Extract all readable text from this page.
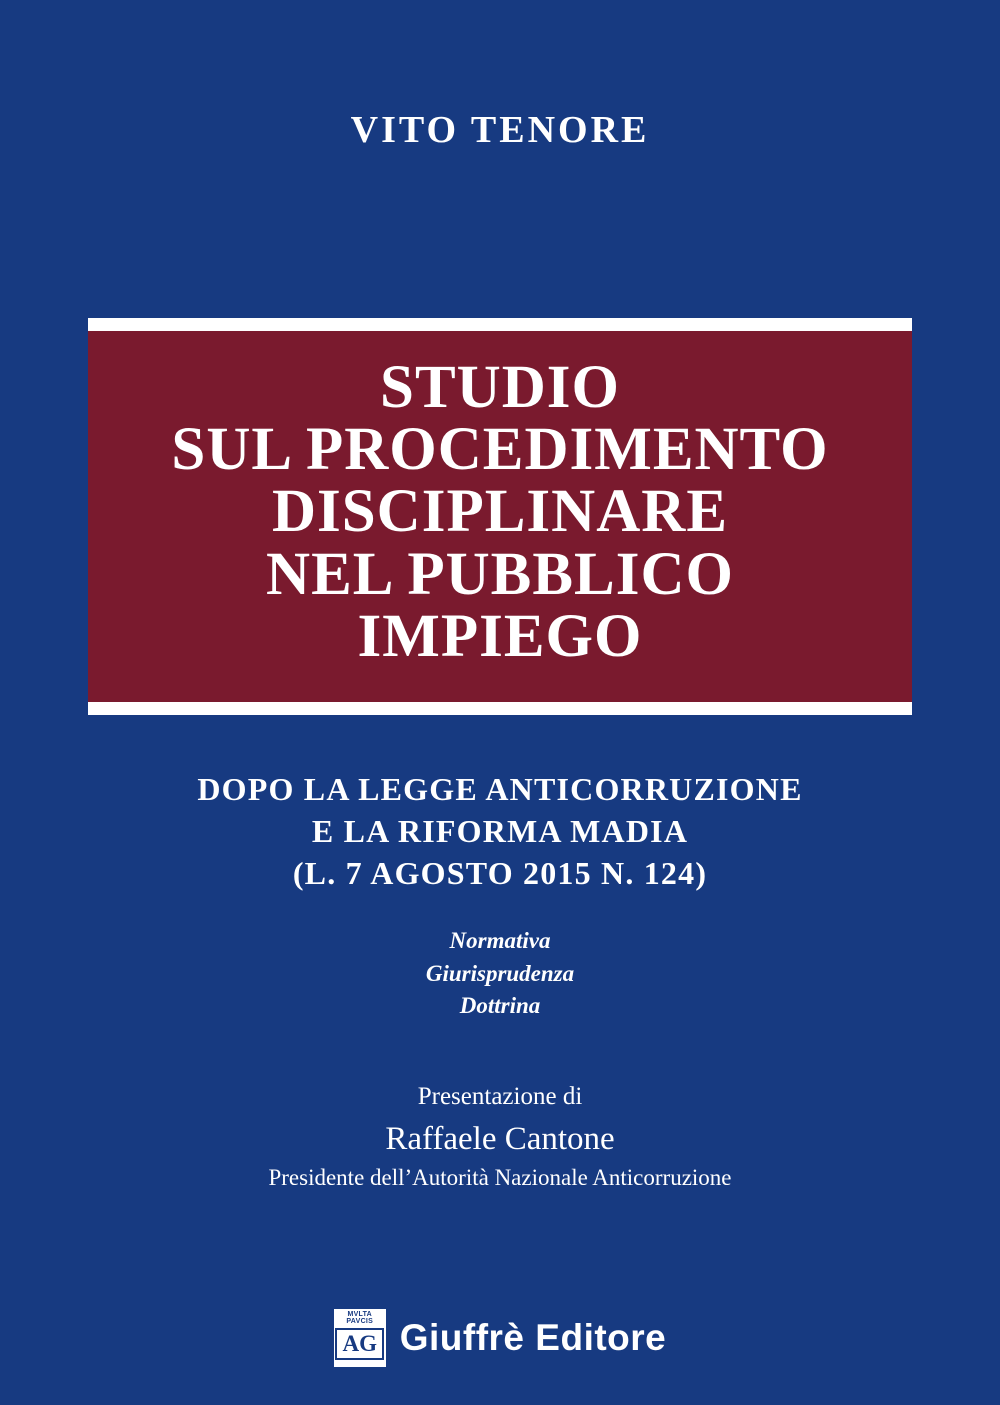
VITO TENORE
STUDIO
SUL PROCEDIMENTO
DISCIPLINARE
NEL PUBBLICO
IMPIEGO
DOPO LA LEGGE ANTICORRUZIONE
E LA RIFORMA MADIA
(L. 7 AGOSTO 2015 N. 124)
Normativa
Giurisprudenza
Dottrina
Presentazione di
Raffaele Cantone
Presidente dell’Autorità Nazionale Anticorruzione
MVLTA
PAVCIS
AG Giuffrè Editore
